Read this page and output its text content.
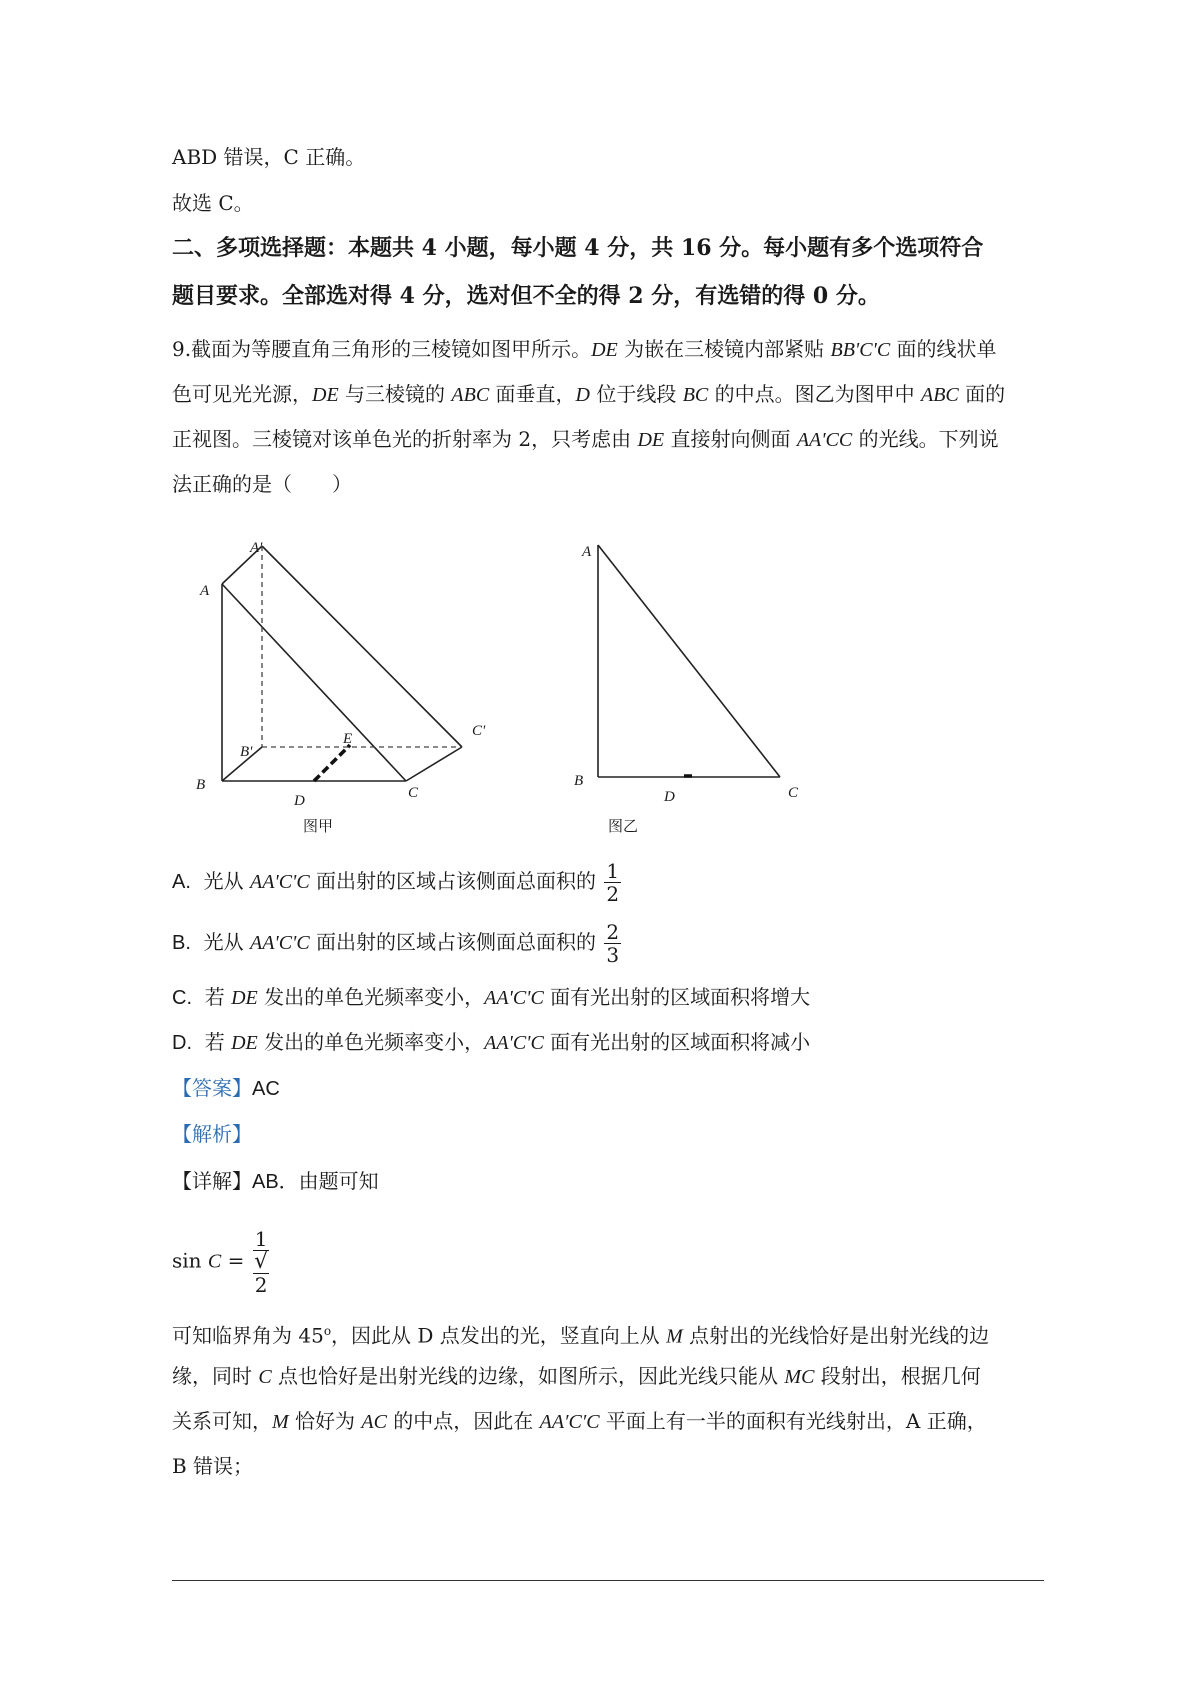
ABD 错误，C 正确。
故选 C。
二、多项选择题：本题共 4 小题，每小题 4 分，共 16 分。每小题有多个选项符合
题目要求。全部选对得 4 分，选对但不全的得 2 分，有选错的得 0 分。
9.截面为等腰直角三角形的三棱镜如图甲所示。DE 为嵌在三棱镜内部紧贴 BB'C'C 面的线状单
色可见光光源，DE 与三棱镜的 ABC 面垂直，D 位于线段 BC 的中点。图乙为图甲中 ABC 面的
正视图。三棱镜对该单色光的折射率为 2，只考虑由 DE 直接射向侧面 AA'CC 的光线。下列说
法正确的是（　　）
A
A'
B
B'
C
C'
D
E
图甲
A
B
C
D
图乙
A. 光从 AA'C'C 面出射的区域占该侧面总面积的 $\frac{1}{2}$
B. 光从 AA'C'C 面出射的区域占该侧面总面积的 $\frac{2}{3}$
C. 若 DE 发出的单色光频率变小，AA'C'C 面有光出射的区域面积将增大
D. 若 DE 发出的单色光频率变小，AA'C'C 面有光出射的区域面积将减小
【答案】AC
【解析】
【详解】AB．由题可知
sin C = 1
√
2
可知临界角为 45$^o$，因此从 D 点发出的光，竖直向上从 M 点射出的光线恰好是出射光线的边
缘，同时 C 点也恰好是出射光线的边缘，如图所示，因此光线只能从 MC 段射出，根据几何
关系可知，M 恰好为 AC 的中点，因此在 AA′C′C 平面上有一半的面积有光线射出，A 正确，
B 错误；
